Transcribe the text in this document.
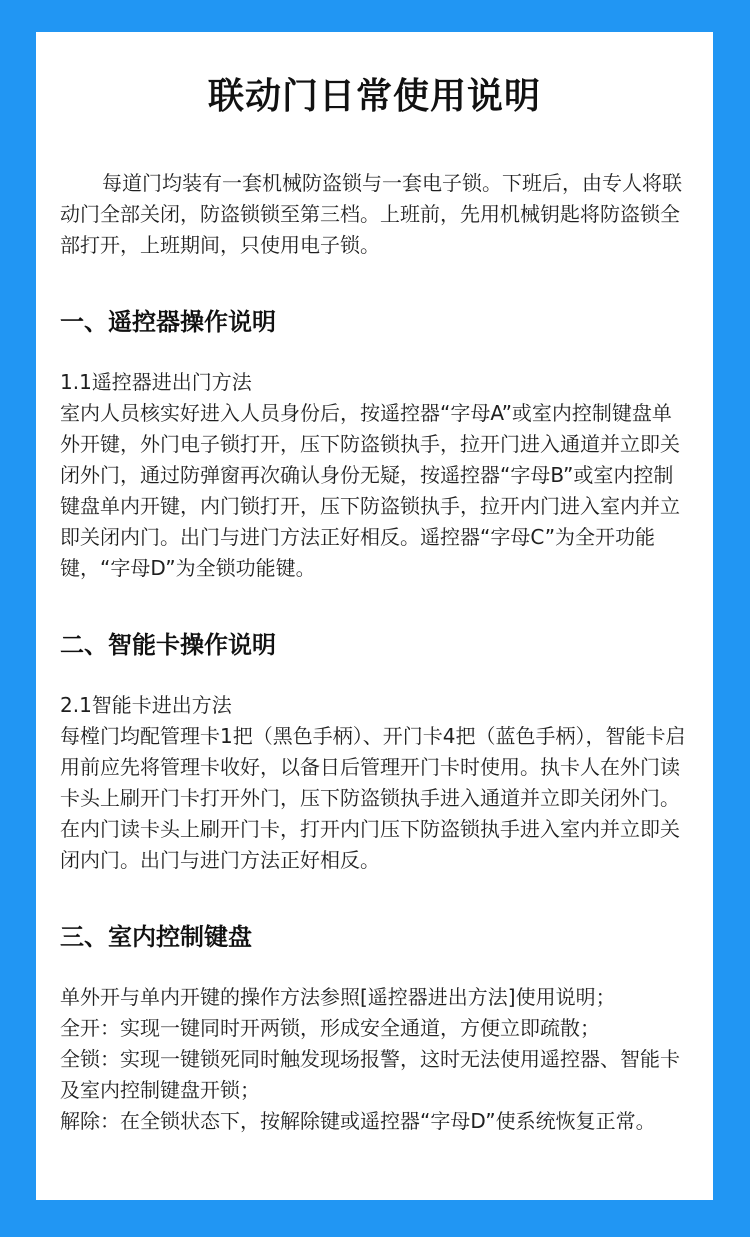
联动门日常使用说明

每道门均装有一套机械防盗锁与一套电子锁。下班后，由专人将联动门全部关闭，防盗锁锁至第三档。上班前，先用机械钥匙将防盗锁全部打开，上班期间，只使用电子锁。

一、遥控器操作说明
1.1遥控器进出门方法
室内人员核实好进入人员身份后，按遥控器“字母A”或室内控制键盘单外开键，外门电子锁打开，压下防盗锁执手，拉开门进入通道并立即关闭外门，通过防弹窗再次确认身份无疑，按遥控器“字母B”或室内控制键盘单内开键，内门锁打开，压下防盗锁执手，拉开内门进入室内并立即关闭内门。出门与进门方法正好相反。遥控器“字母C”为全开功能键，“字母D”为全锁功能键。
二、智能卡操作说明
2.1智能卡进出方法
每樘门均配管理卡1把（黑色手柄）、开门卡4把（蓝色手柄），智能卡启用前应先将管理卡收好，以备日后管理开门卡时使用。执卡人在外门读卡头上刷开门卡打开外门，压下防盗锁执手进入通道并立即关闭外门。在内门读卡头上刷开门卡，打开内门压下防盗锁执手进入室内并立即关闭内门。出门与进门方法正好相反。
三、室内控制键盘
单外开与单内开键的操作方法参照[遥控器进出方法]使用说明；
全开：实现一键同时开两锁，形成安全通道，方便立即疏散；
全锁：实现一键锁死同时触发现场报警，这时无法使用遥控器、智能卡及室内控制键盘开锁；
解除：在全锁状态下，按解除键或遥控器“字母D”使系统恢复正常。
